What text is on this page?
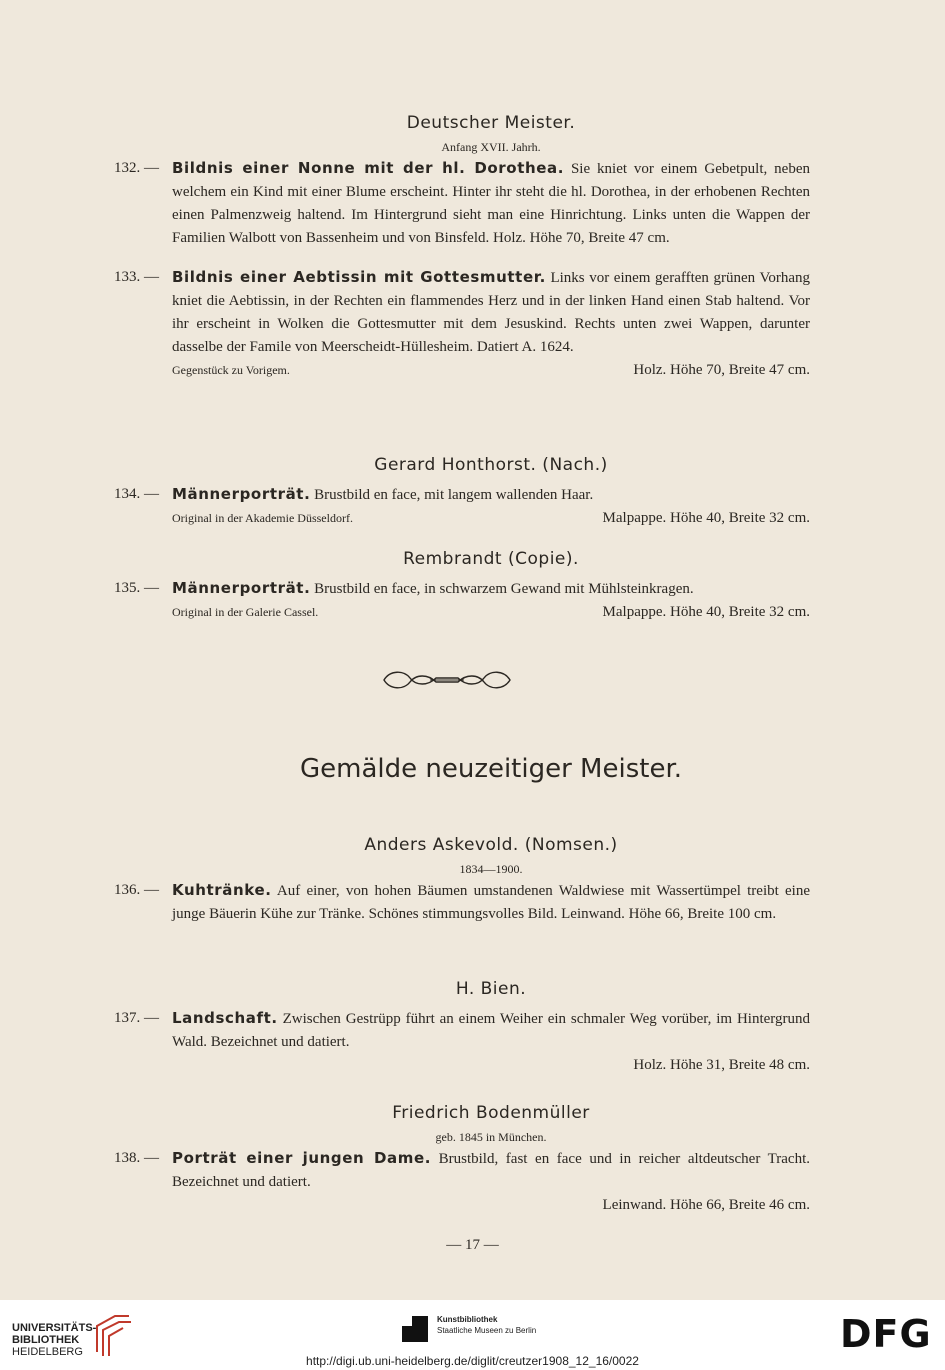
Deutscher Meister.

Anfang XVII. Jahrh.

132. — Bildnis einer Nonne mit der hl. Dorothea. Sie kniet vor einem Gebetpult, neben welchem ein Kind mit einer Blume erscheint. Hinter ihr steht die hl. Dorothea, in der erhobenen Rechten einen Palmenzweig haltend. Im Hintergrund sieht man eine Hinrichtung. Links unten die Wappen der Familien Walbott von Bassenheim und von Binsfeld. Holz. Höhe 70, Breite 47 cm.
133. — Bildnis einer Aebtissin mit Gottesmutter. Links vor einem gerafften grünen Vorhang kniet die Aebtissin, in der Rechten ein flammendes Herz und in der linken Hand einen Stab haltend. Vor ihr erscheint in Wolken die Gottesmutter mit dem Jesuskind. Rechts unten zwei Wappen, darunter dasselbe der Famile von Meerscheidt-Hüllesheim. Datiert A. 1624.
Gegenstück zu Vorigem.	Holz. Höhe 70, Breite 47 cm.

Gerard Honthorst. (Nach.)

134. — Männerporträt. Brustbild en face, mit langem wallenden Haar.
Original in der Akademie Düsseldorf.	Malpappe. Höhe 40, Breite 32 cm.

Rembrandt (Copie).

135. — Männerporträt. Brustbild en face, in schwarzem Gewand mit Mühlsteinkragen.
Original in der Galerie Cassel.	Malpappe. Höhe 40, Breite 32 cm.

Gemälde neuzeitiger Meister.

Anders Askevold. (Nomsen.)

1834—1900.

136. — Kuhtränke. Auf einer, von hohen Bäumen umstandenen Waldwiese mit Wassertümpel treibt eine junge Bäuerin Kühe zur Tränke. Schönes stimmungsvolles Bild. Leinwand. Höhe 66, Breite 100 cm.

H. Bien.

137. — Landschaft. Zwischen Gestrüpp führt an einem Weiher ein schmaler Weg vorüber, im Hintergrund Wald. Bezeichnet und datiert.
Holz. Höhe 31, Breite 48 cm.

Friedrich Bodenmüller

geb. 1845 in München.

138. — Porträt einer jungen Dame. Brustbild, fast en face und in reicher altdeutscher Tracht. Bezeichnet und datiert.
Leinwand. Höhe 66, Breite 46 cm.
— 17 —
UNIVERSITÄTS-
BIBLIOTHEK
HEIDELBERG
Kunstbibliothek
Staatliche Museen zu Berlin	DFG
http://digi.ub.uni-heidelberg.de/diglit/creutzer1908_12_16/0022
